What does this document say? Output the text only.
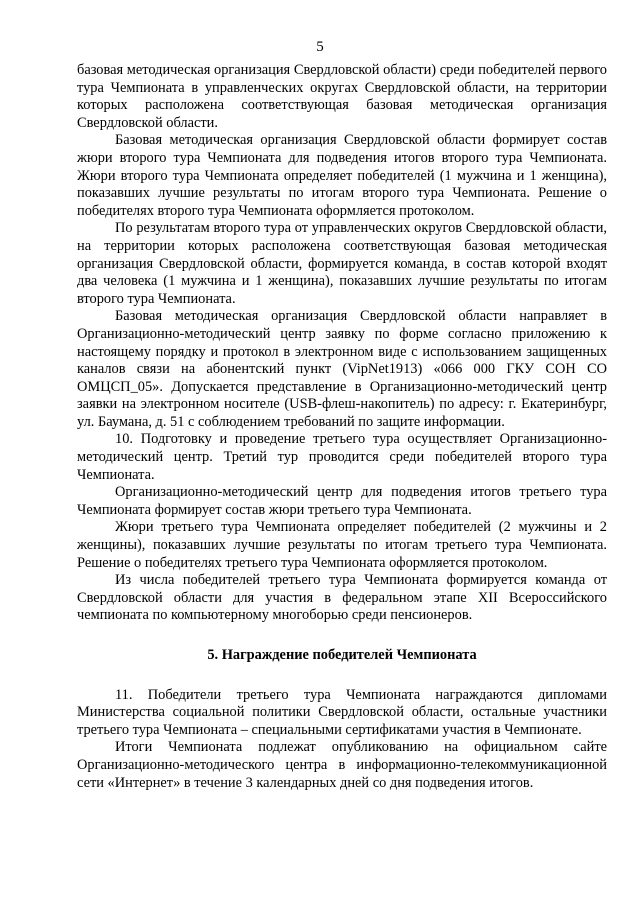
5

базовая методическая организация Свердловской области) среди победителей первого тура Чемпионата в управленческих округах Свердловской области, на территории которых расположена соответствующая базовая методическая организация Свердловской области.

Базовая методическая организация Свердловской области формирует состав жюри второго тура Чемпионата для подведения итогов второго тура Чемпионата. Жюри второго тура Чемпионата определяет победителей (1 мужчина и 1 женщина), показавших лучшие результаты по итогам второго тура Чемпионата. Решение о победителях второго тура Чемпионата оформляется протоколом.

По результатам второго тура от управленческих округов Свердловской области, на территории которых расположена соответствующая базовая методическая организация Свердловской области, формируется команда, в состав которой входят два человека (1 мужчина и 1 женщина), показавших лучшие результаты по итогам второго тура Чемпионата.

Базовая методическая организация Свердловской области направляет в Организационно-методический центр заявку по форме согласно приложению к настоящему порядку и протокол в электронном виде с использованием защищенных каналов связи на абонентский пункт (VipNet1913) «066 000 ГКУ СОН СО ОМЦСП_05». Допускается представление в Организационно-методический центр заявки на электронном носителе (USB-флеш-накопитель) по адресу: г. Екатеринбург, ул. Баумана, д. 51 с соблюдением требований по защите информации.

10. Подготовку и проведение третьего тура осуществляет Организационно-методический центр. Третий тур проводится среди победителей второго тура Чемпионата.

Организационно-методический центр для подведения итогов третьего тура Чемпионата формирует состав жюри третьего тура Чемпионата.

Жюри третьего тура Чемпионата определяет победителей (2 мужчины и 2 женщины), показавших лучшие результаты по итогам третьего тура Чемпионата. Решение о победителях третьего тура Чемпионата оформляется протоколом.

Из числа победителей третьего тура Чемпионата формируется команда от Свердловской области для участия в федеральном этапе XII Всероссийского чемпионата по компьютерному многоборью среди пенсионеров.

5. Награждение победителей Чемпионата

11. Победители третьего тура Чемпионата награждаются дипломами Министерства социальной политики Свердловской области, остальные участники третьего тура Чемпионата – специальными сертификатами участия в Чемпионате.

Итоги Чемпионата подлежат опубликованию на официальном сайте Организационно-методического центра в информационно-телекоммуникационной сети «Интернет» в течение 3 календарных дней со дня подведения итогов.
